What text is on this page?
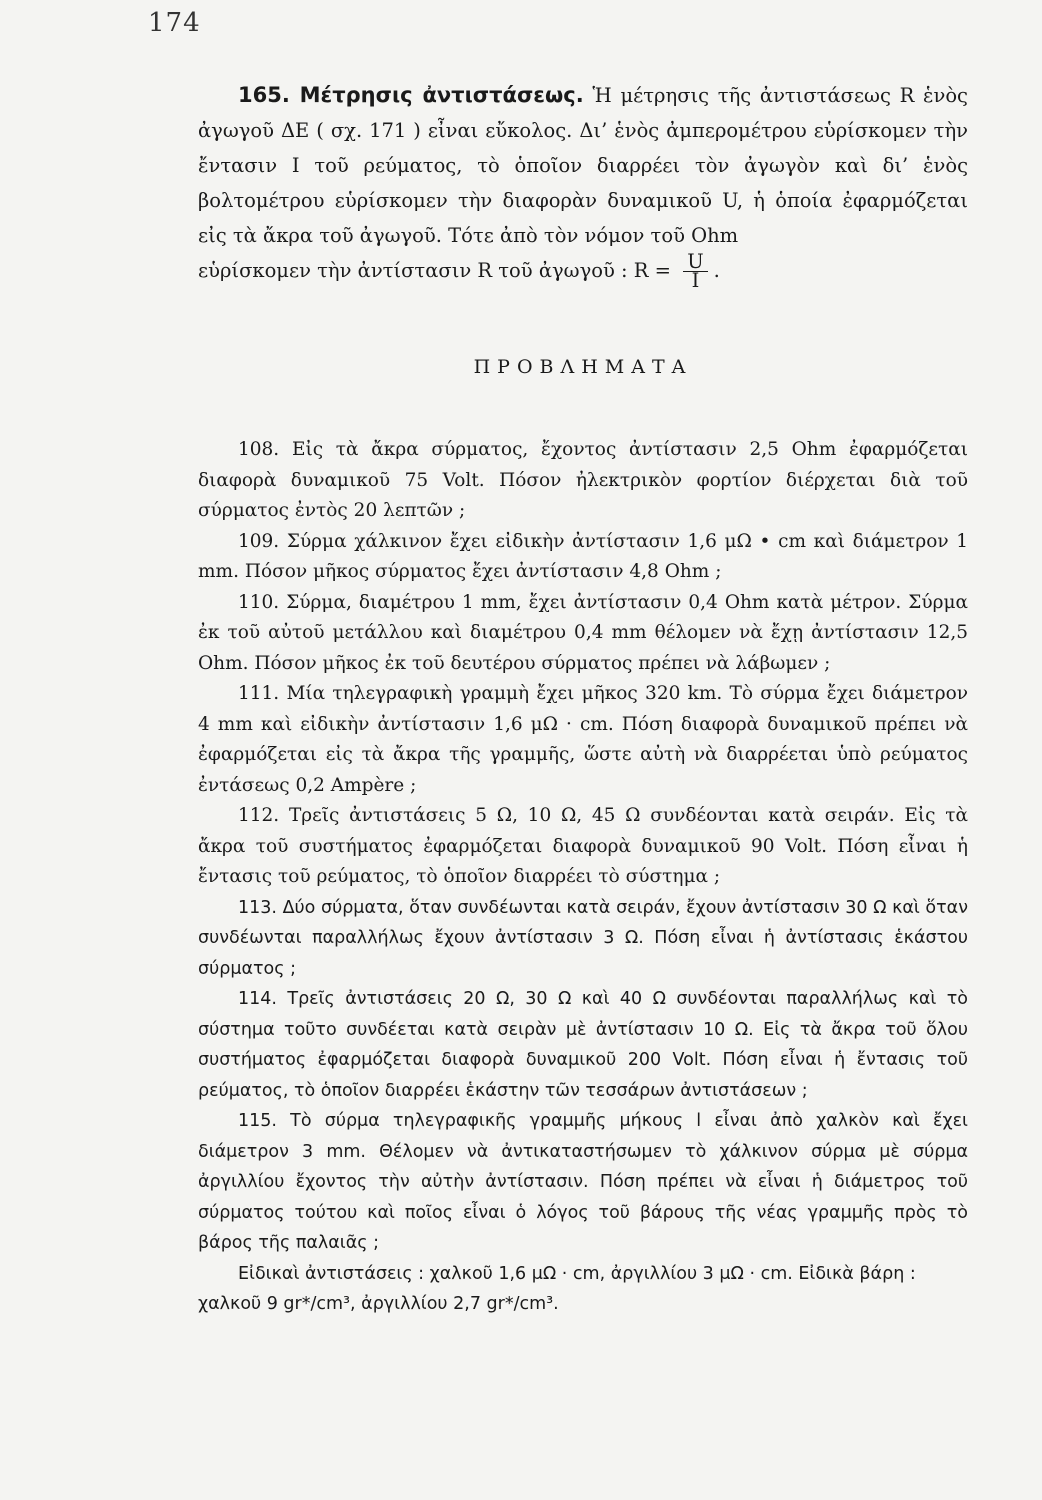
174

165. Μέτρησις ἀντιστάσεως. Ἡ μέτρησις τῆς ἀντιστάσεως R ἑνὸς ἀγωγοῦ ΔΕ ( σχ. 171 ) εἶναι εὔκολος. Δι’ ἑνὸς ἀμπερομέτρου εὑρίσκομεν τὴν ἔντασιν I τοῦ ρεύματος, τὸ ὁποῖον διαρρέει τὸν ἀγωγὸν καὶ δι’ ἑνὸς βολτομέτρου εὑρίσκομεν τὴν διαφορὰν δυναμικοῦ U, ἡ ὁποία ἐφαρμόζεται εἰς τὰ ἄκρα τοῦ ἀγωγοῦ. Τότε ἀπὸ τὸν νόμον τοῦ Ohm

εὑρίσκομεν τὴν ἀντίστασιν R τοῦ ἀγωγοῦ : $R = \frac{U}{I}$ .

ΠΡΟΒΛΗΜΑΤΑ

108. Εἰς τὰ ἄκρα σύρματος, ἔχοντος ἀντίστασιν 2,5 Ohm ἐφαρμόζεται διαφορὰ δυναμικοῦ 75 Volt. Πόσον ἠλεκτρικὸν φορτίον διέρχεται διὰ τοῦ σύρματος ἐντὸς 20 λεπτῶν ;

109. Σύρμα χάλκινον ἔχει εἰδικὴν ἀντίστασιν 1,6 μΩ • cm καὶ διάμετρον 1 mm. Πόσον μῆκος σύρματος ἔχει ἀντίστασιν 4,8 Ohm ;

110. Σύρμα, διαμέτρου 1 mm, ἔχει ἀντίστασιν 0,4 Ohm κατὰ μέτρον. Σύρμα ἐκ τοῦ αὐτοῦ μετάλλου καὶ διαμέτρου 0,4 mm θέλομεν νὰ ἔχῃ ἀντίστασιν 12,5 Ohm. Πόσον μῆκος ἐκ τοῦ δευτέρου σύρματος πρέπει νὰ λάβωμεν ;

111. Μία τηλεγραφικὴ γραμμὴ ἔχει μῆκος 320 km. Τὸ σύρμα ἔχει διάμετρον 4 mm καὶ εἰδικὴν ἀντίστασιν 1,6 μΩ · cm. Πόση διαφορὰ δυναμικοῦ πρέπει νὰ ἐφαρμόζεται εἰς τὰ ἄκρα τῆς γραμμῆς, ὥστε αὐτὴ νὰ διαρρέεται ὑπὸ ρεύματος ἐντάσεως 0,2 Ampère ;

112. Τρεῖς ἀντιστάσεις 5 Ω, 10 Ω, 45 Ω συνδέονται κατὰ σειράν. Εἰς τὰ ἄκρα τοῦ συστήματος ἐφαρμόζεται διαφορὰ δυναμικοῦ 90 Volt. Πόση εἶναι ἡ ἔντασις τοῦ ρεύματος, τὸ ὁποῖον διαρρέει τὸ σύστημα ;

113. Δύο σύρματα, ὅταν συνδέωνται κατὰ σειράν, ἔχουν ἀντίστασιν 30 Ω καὶ ὅταν συνδέωνται παραλλήλως ἔχουν ἀντίστασιν 3 Ω. Πόση εἶναι ἡ ἀντίστασις ἑκάστου σύρματος ;

114. Τρεῖς ἀντιστάσεις 20 Ω, 30 Ω καὶ 40 Ω συνδέονται παραλλήλως καὶ τὸ σύστημα τοῦτο συνδέεται κατὰ σειρὰν μὲ ἀντίστασιν 10 Ω. Εἰς τὰ ἄκρα τοῦ ὅλου συστήματος ἐφαρμόζεται διαφορὰ δυναμικοῦ 200 Volt. Πόση εἶναι ἡ ἔντασις τοῦ ρεύματος, τὸ ὁποῖον διαρρέει ἑκάστην τῶν τεσσάρων ἀντιστάσεων ;

115. Τὸ σύρμα τηλεγραφικῆς γραμμῆς μήκους l εἶναι ἀπὸ χαλκὸν καὶ ἔχει διάμετρον 3 mm. Θέλομεν νὰ ἀντικαταστήσωμεν τὸ χάλκινον σύρμα μὲ σύρμα ἀργιλλίου ἔχοντος τὴν αὐτὴν ἀντίστασιν. Πόση πρέπει νὰ εἶναι ἡ διάμετρος τοῦ σύρματος τούτου καὶ ποῖος εἶναι ὁ λόγος τοῦ βάρους τῆς νέας γραμμῆς πρὸς τὸ βάρος τῆς παλαιᾶς ;

Εἰδικαὶ ἀντιστάσεις : χαλκοῦ 1,6 μΩ · cm, ἀργιλλίου 3 μΩ · cm. Εἰδικὰ βάρη : χαλκοῦ 9 gr*/cm³, ἀργιλλίου 2,7 gr*/cm³.
